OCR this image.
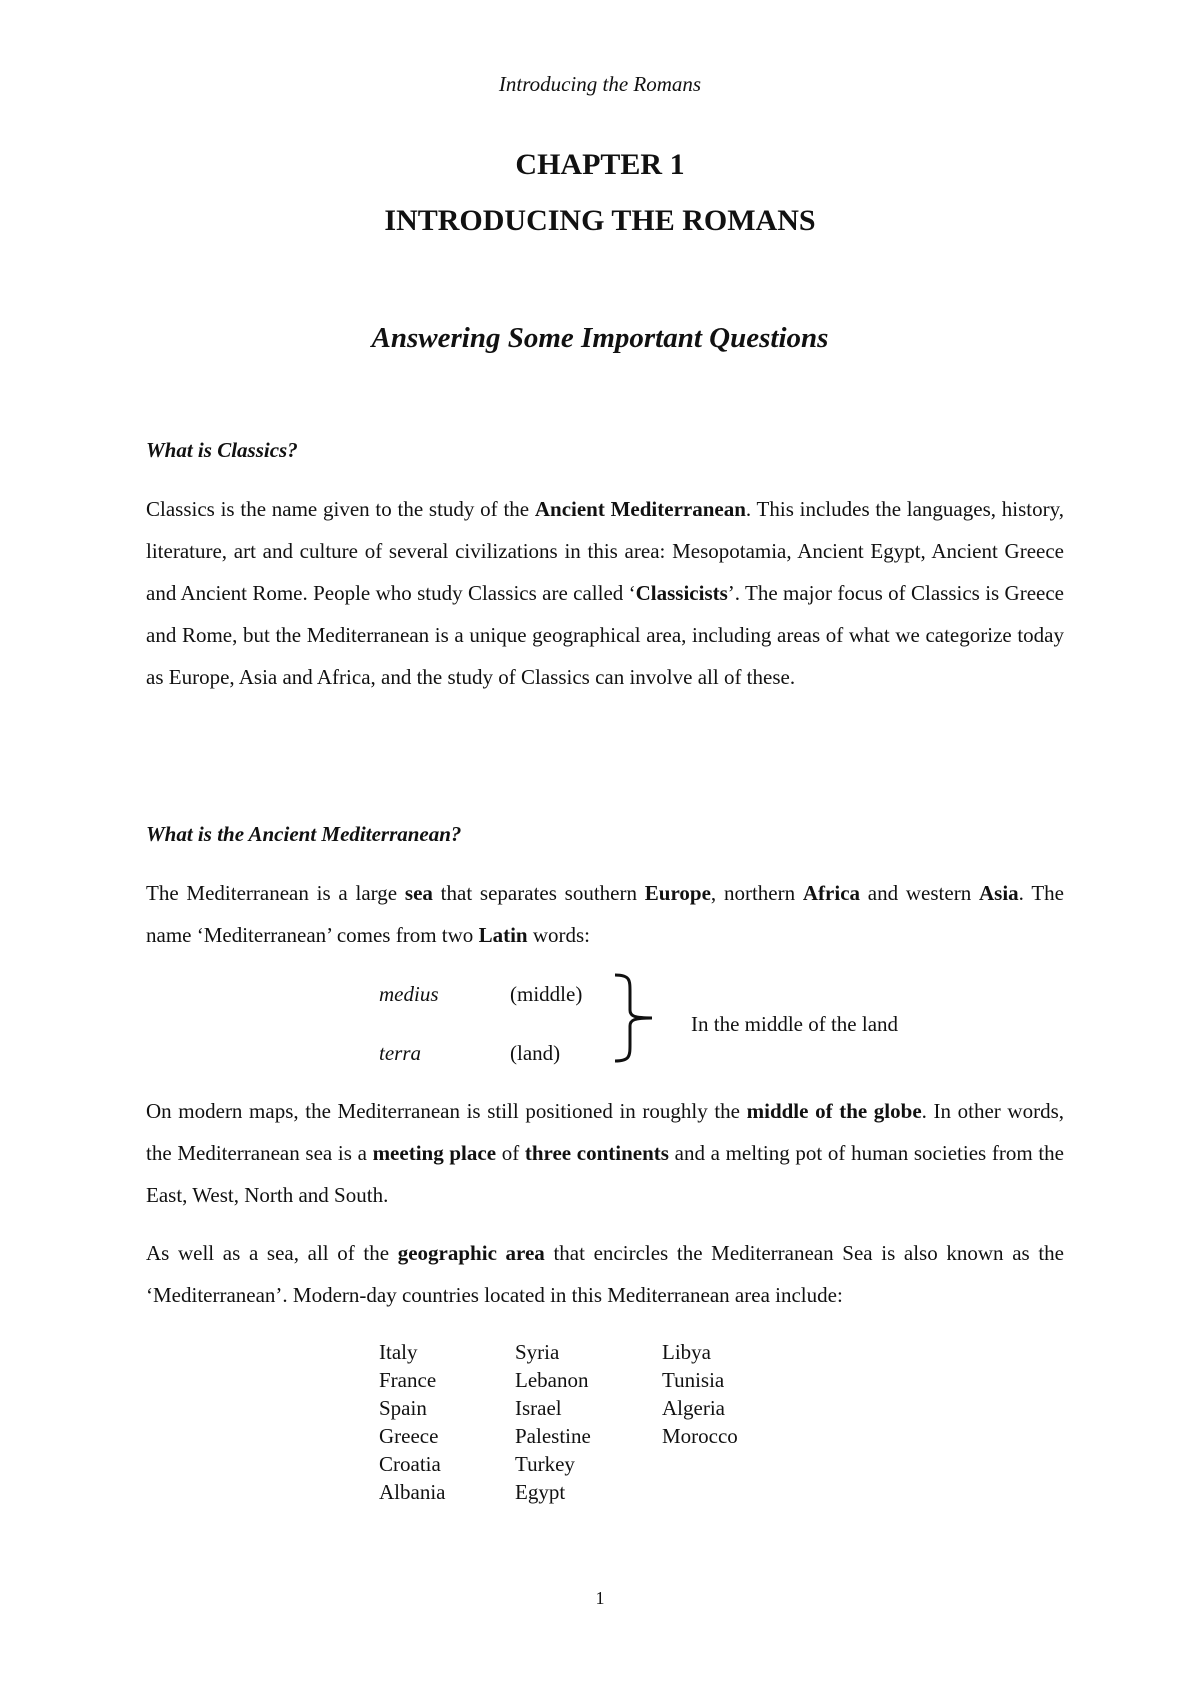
Introducing the Romans
CHAPTER 1
INTRODUCING THE ROMANS
Answering Some Important Questions
What is Classics?
Classics is the name given to the study of the Ancient Mediterranean. This includes the languages, history, literature, art and culture of several civilizations in this area: Mesopotamia, Ancient Egypt, Ancient Greece and Ancient Rome. People who study Classics are called ‘Classicists’. The major focus of Classics is Greece and Rome, but the Mediterranean is a unique geographical area, including areas of what we categorize today as Europe, Asia and Africa, and the study of Classics can involve all of these.
What is the Ancient Mediterranean?
The Mediterranean is a large sea that separates southern Europe, northern Africa and western Asia. The name ‘Mediterranean’ comes from two Latin words:
medius	(middle)
terra	(land)
In the middle of the land
On modern maps, the Mediterranean is still positioned in roughly the middle of the globe. In other words, the Mediterranean sea is a meeting place of three continents and a melting pot of human societies from the East, West, North and South.
As well as a sea, all of the geographic area that encircles the Mediterranean Sea is also known as the ‘Mediterranean’. Modern-day countries located in this Mediterranean area include:
Italy	Syria	Libya
France	Lebanon	Tunisia
Spain	Israel	Algeria
Greece	Palestine	Morocco
Croatia	Turkey
Albania	Egypt
1
